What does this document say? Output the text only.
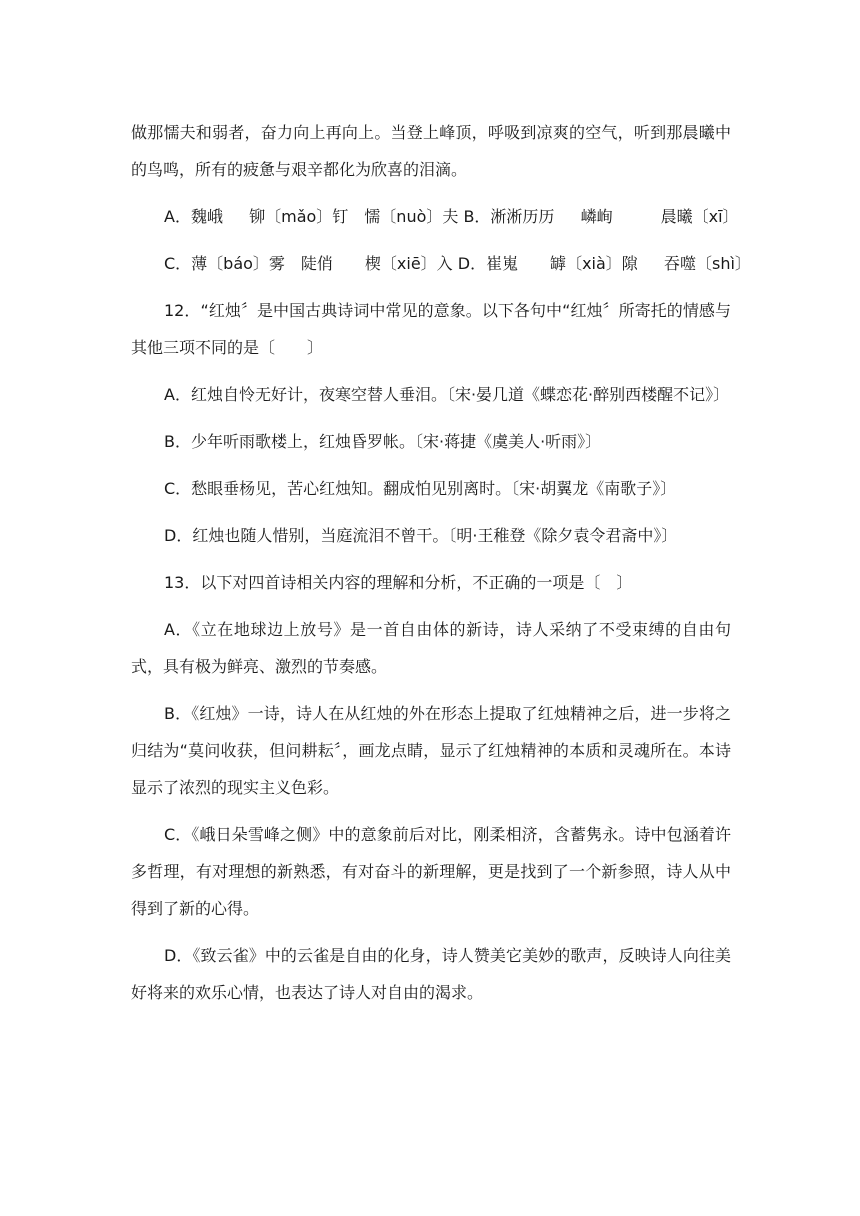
做那懦夫和弱者，奋力向上再向上。当登上峰顶，呼吸到凉爽的空气，听到那晨曦中的鸟鸣，所有的疲惫与艰辛都化为欣喜的泪滴。

A．魏峨　  铆〔mǎo〕钉　懦〔nuò〕夫 B．淅淅历历　  嶙峋　　　晨曦〔xī〕

C．薄〔báo〕雾　陡俏　　楔〔xiē〕入 D．崔嵬　　罅〔xià〕隙　  吞噬〔shì〕

12．“红烛〞是中国古典诗词中常见的意象。以下各句中“红烛〞所寄托的情感与其他三项不同的是〔　　〕

A．红烛自怜无好计，夜寒空替人垂泪。〔宋·晏几道《蝶恋花·醉别西楼醒不记》〕

B．少年听雨歌楼上，红烛昏罗帐。〔宋·蒋捷《虞美人·听雨》〕

C．愁眼垂杨见，苦心红烛知。翻成怕见别离时。〔宋·胡翼龙《南歌子》〕

D．红烛也随人惜别，当庭流泪不曾干。〔明·王稚登《除夕袁令君斋中》〕

13．以下对四首诗相关内容的理解和分析，不正确的一项是〔　〕

A．《立在地球边上放号》是一首自由体的新诗，诗人采纳了不受束缚的自由句式，具有极为鲜亮、激烈的节奏感。

B．《红烛》一诗，诗人在从红烛的外在形态上提取了红烛精神之后，进一步将之归结为“莫问收获，但问耕耘〞，画龙点睛，显示了红烛精神的本质和灵魂所在。本诗显示了浓烈的现实主义色彩。

C．《峨日朵雪峰之侧》中的意象前后对比，刚柔相济，含蓄隽永。诗中包涵着许多哲理，有对理想的新熟悉，有对奋斗的新理解，更是找到了一个新参照，诗人从中得到了新的心得。

D．《致云雀》中的云雀是自由的化身，诗人赞美它美妙的歌声，反映诗人向往美好将来的欢乐心情，也表达了诗人对自由的渴求。
